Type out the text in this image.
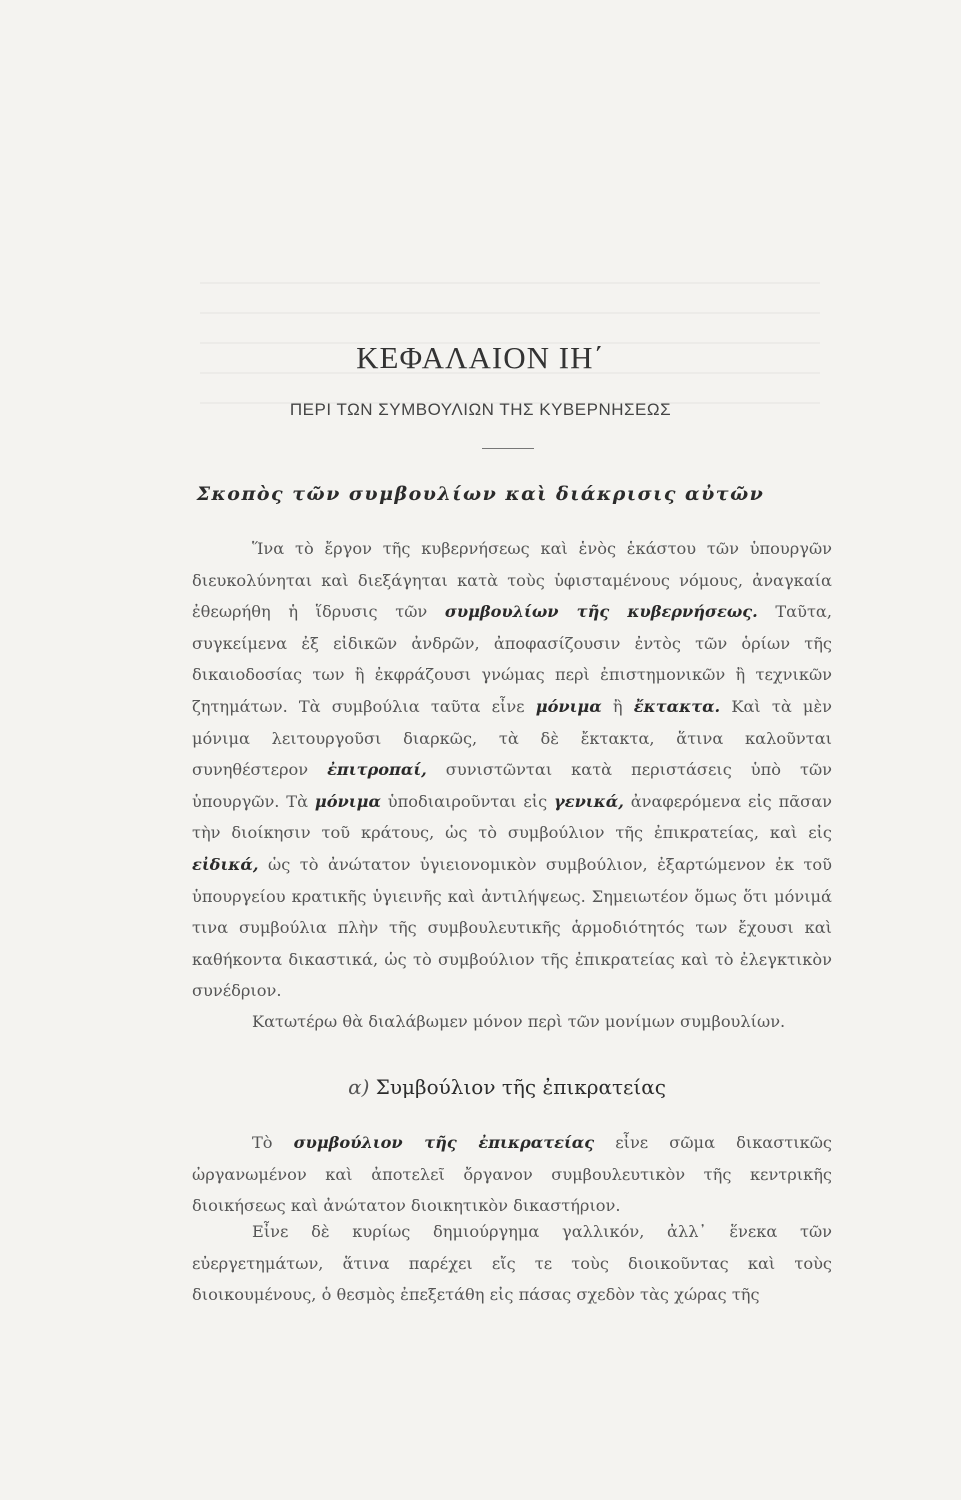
ΚΕΦΑΛΑΙΟΝ ΙΗ΄
ΠΕΡΙ ΤΩΝ ΣΥΜΒΟΥΛΙΩΝ ΤΗΣ ΚΥΒΕΡΝΗΣΕΩΣ
Σκοπὸς τῶν συμβουλίων καὶ διάκρισις αὐτῶν

Ἵνα τὸ ἔργον τῆς κυβερνήσεως καὶ ἑνὸς ἑκάστου τῶν ὑπουργῶν διευκολύνηται καὶ διεξάγηται κατὰ τοὺς ὑφισταμένους νόμους, ἀναγκαία ἐθεωρήθη ἡ ἵδρυσις τῶν συμβουλίων τῆς κυβερνήσεως. Ταῦτα, συγκείμενα ἐξ εἰδικῶν ἀνδρῶν, ἀποφασίζουσιν ἐντὸς τῶν ὁρίων τῆς δικαιοδοσίας των ἢ ἐκφράζουσι γνώμας περὶ ἐπιστημονικῶν ἢ τεχνικῶν ζητημάτων. Τὰ συμβούλια ταῦτα εἶνε μόνιμα ἢ ἔκτακτα. Καὶ τὰ μὲν μόνιμα λειτουργοῦσι διαρκῶς, τὰ δὲ ἔκτακτα, ἅτινα καλοῦνται συνηθέστερον ἐπιτροπαί, συνιστῶνται κατὰ περιστάσεις ὑπὸ τῶν ὑπουργῶν. Τὰ μόνιμα ὑποδιαιροῦνται εἰς γενικά, ἀναφερόμενα εἰς πᾶσαν τὴν διοίκησιν τοῦ κράτους, ὡς τὸ συμβούλιον τῆς ἐπικρατείας, καὶ εἰς εἰδικά, ὡς τὸ ἀνώτατον ὑγιειονομικὸν συμβούλιον, ἐξαρτώμενον ἐκ τοῦ ὑπουργείου κρατικῆς ὑγιεινῆς καὶ ἀντιλήψεως. Σημειωτέον ὅμως ὅτι μόνιμά τινα συμβούλια πλὴν τῆς συμβουλευτικῆς ἁρμοδιότητός των ἔχουσι καὶ καθήκοντα δικαστικά, ὡς τὸ συμβούλιον τῆς ἐπικρατείας καὶ τὸ ἐλεγκτικὸν συνέδριον.

Κατωτέρω θὰ διαλάβωμεν μόνον περὶ τῶν μονίμων συμβουλίων.

α) Συμβούλιον τῆς ἐπικρατείας

Τὸ συμβούλιον τῆς ἐπικρατείας εἶνε σῶμα δικαστικῶς ὠργανωμένον καὶ ἀποτελεῖ ὄργανον συμβουλευτικὸν τῆς κεντρικῆς διοικήσεως καὶ ἀνώτατον διοικητικὸν δικαστήριον.

Εἶνε δὲ κυρίως δημιούργημα γαλλικόν, ἀλλ᾽ ἕνεκα τῶν εὐεργετημάτων, ἅτινα παρέχει εἴς τε τοὺς διοικοῦντας καὶ τοὺς διοικουμένους, ὁ θεσμὸς ἐπεξετάθη εἰς πάσας σχεδὸν τὰς χώρας τῆς
